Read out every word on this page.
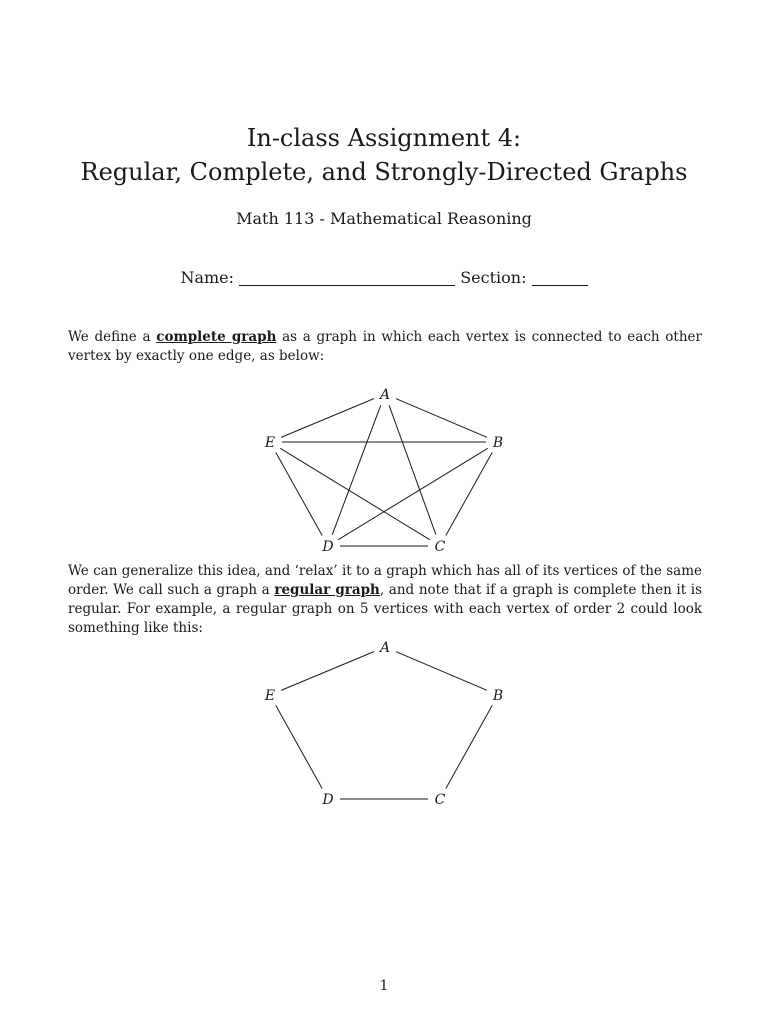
In-class Assignment 4:
Regular, Complete, and Strongly-Directed Graphs
Math 113 - Mathematical Reasoning
Name:	Section:
We define a complete graph as a graph in which each vertex is connected to each other vertex by exactly one edge, as below:
A
B
C
D
E
We can generalize this idea, and ‘relax’ it to a graph which has all of its vertices of the same order. We call such a graph a regular graph, and note that if a graph is complete then it is regular. For example, a regular graph on 5 vertices with each vertex of order 2 could look something like this:
A
B
C
D
E
1
